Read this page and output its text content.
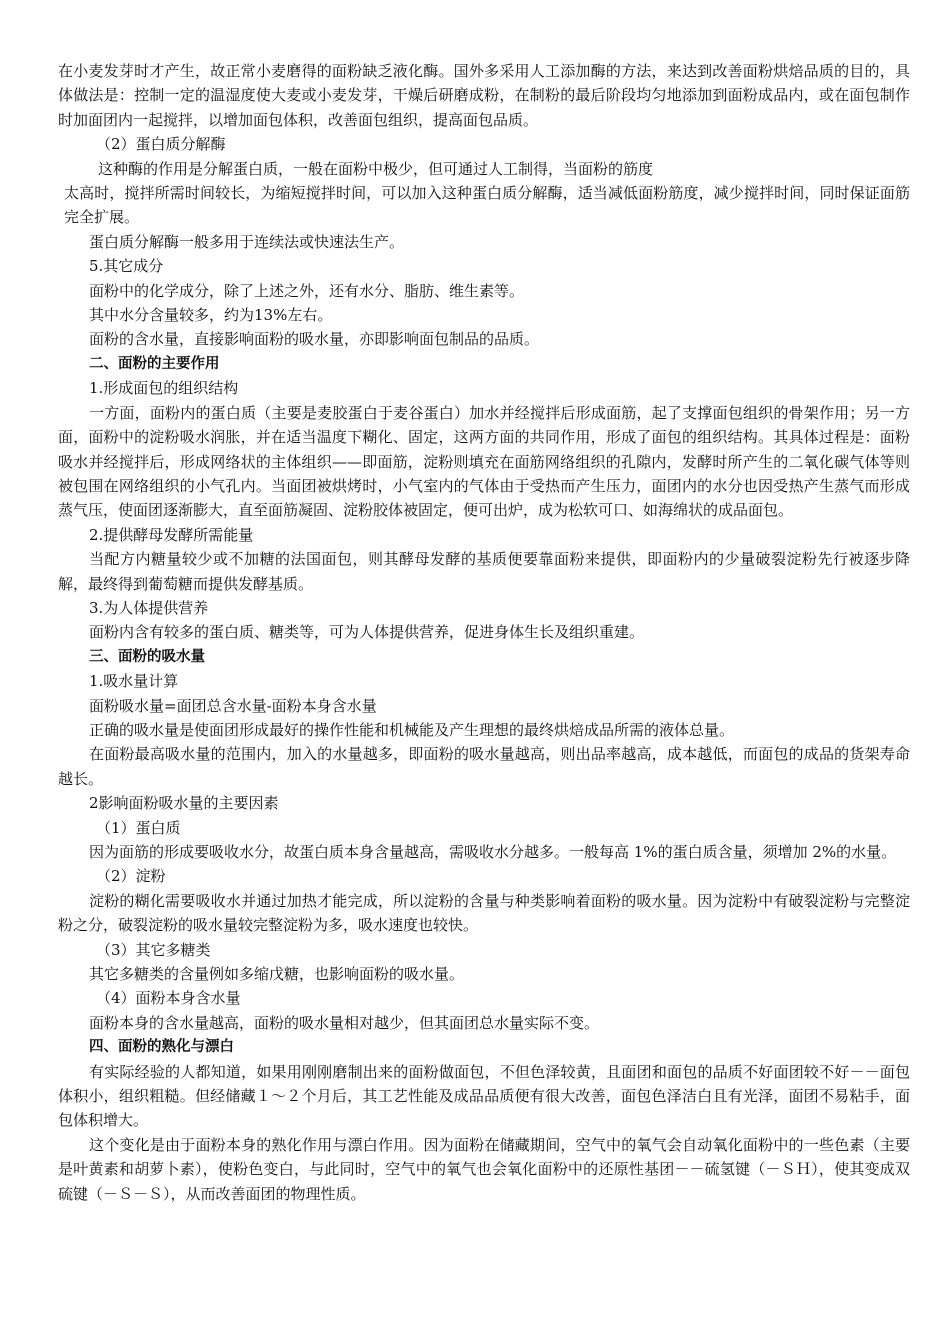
在小麦发芽时才产生，故正常小麦磨得的面粉缺乏液化酶。国外多采用人工添加酶的方法，来达到改善面粉烘焙品质的目的，具体做法是：控制一定的温湿度使大麦或小麦发芽，干燥后研磨成粉，在制粉的最后阶段均匀地添加到面粉成品内，或在面包制作时加面团内一起搅拌，以增加面包体积，改善面包组织，提高面包品质。

（2）蛋白质分解酶

这种酶的作用是分解蛋白质，一般在面粉中极少，但可通过人工制得，当面粉的筋度

太高时，搅拌所需时间较长，为缩短搅拌时间，可以加入这种蛋白质分解酶，适当减低面粉筋度，减少搅拌时间，同时保证面筋完全扩展。

蛋白质分解酶一般多用于连续法或快速法生产。

5.其它成分

面粉中的化学成分，除了上述之外，还有水分、脂肪、维生素等。

其中水分含量较多，约为13%左右。

面粉的含水量，直接影响面粉的吸水量，亦即影响面包制品的品质。

二、面粉的主要作用

1.形成面包的组织结构

一方面，面粉内的蛋白质（主要是麦胶蛋白于麦谷蛋白）加水并经搅拌后形成面筋，起了支撑面包组织的骨架作用；另一方面，面粉中的淀粉吸水润胀，并在适当温度下糊化、固定，这两方面的共同作用，形成了面包的组织结构。其具体过程是：面粉吸水并经搅拌后，形成网络状的主体组织——即面筋，淀粉则填充在面筋网络组织的孔隙内，发酵时所产生的二氧化碳气体等则被包围在网络组织的小气孔内。当面团被烘烤时，小气室内的气体由于受热而产生压力，面团内的水分也因受热产生蒸气而形成蒸气压，使面团逐渐膨大，直至面筋凝固、淀粉胶体被固定，便可出炉，成为松软可口、如海绵状的成品面包。

2.提供酵母发酵所需能量

当配方内糖量较少或不加糖的法国面包，则其酵母发酵的基质便要靠面粉来提供，即面粉内的少量破裂淀粉先行被逐步降解，最终得到葡萄糖而提供发酵基质。

3.为人体提供营养

面粉内含有较多的蛋白质、糖类等，可为人体提供营养，促进身体生长及组织重建。

三、面粉的吸水量

1.吸水量计算

面粉吸水量=面团总含水量-面粉本身含水量

正确的吸水量是使面团形成最好的操作性能和机械能及产生理想的最终烘焙成品所需的液体总量。

在面粉最高吸水量的范围内，加入的水量越多，即面粉的吸水量越高，则出品率越高，成本越低，而面包的成品的货架寿命越长。

2影响面粉吸水量的主要因素

（1）蛋白质

因为面筋的形成要吸收水分，故蛋白质本身含量越高，需吸收水分越多。一般每高 1%的蛋白质含量，须增加 2%的水量。

（2）淀粉

淀粉的糊化需要吸收水并通过加热才能完成，所以淀粉的含量与种类影响着面粉的吸水量。因为淀粉中有破裂淀粉与完整淀粉之分，破裂淀粉的吸水量较完整淀粉为多，吸水速度也较快。

（3）其它多糖类

其它多糖类的含量例如多缩戊糖，也影响面粉的吸水量。

（4）面粉本身含水量

面粉本身的含水量越高，面粉的吸水量相对越少，但其面团总水量实际不变。

四、面粉的熟化与漂白

有实际经验的人都知道，如果用刚刚磨制出来的面粉做面包，不但色泽较黄，且面团和面包的品质不好面团较不好－－面包体积小，组织粗糙。但经储藏１～２个月后，其工艺性能及成品品质便有很大改善，面包色泽洁白且有光泽，面团不易粘手，面包体积增大。

这个变化是由于面粉本身的熟化作用与漂白作用。因为面粉在储藏期间，空气中的氧气会自动氧化面粉中的一些色素（主要是叶黄素和胡萝卜素），使粉色变白，与此同时，空气中的氧气也会氧化面粉中的还原性基团－－硫氢键（－ＳＨ），使其变成双硫键（－Ｓ－Ｓ），从而改善面团的物理性质。
